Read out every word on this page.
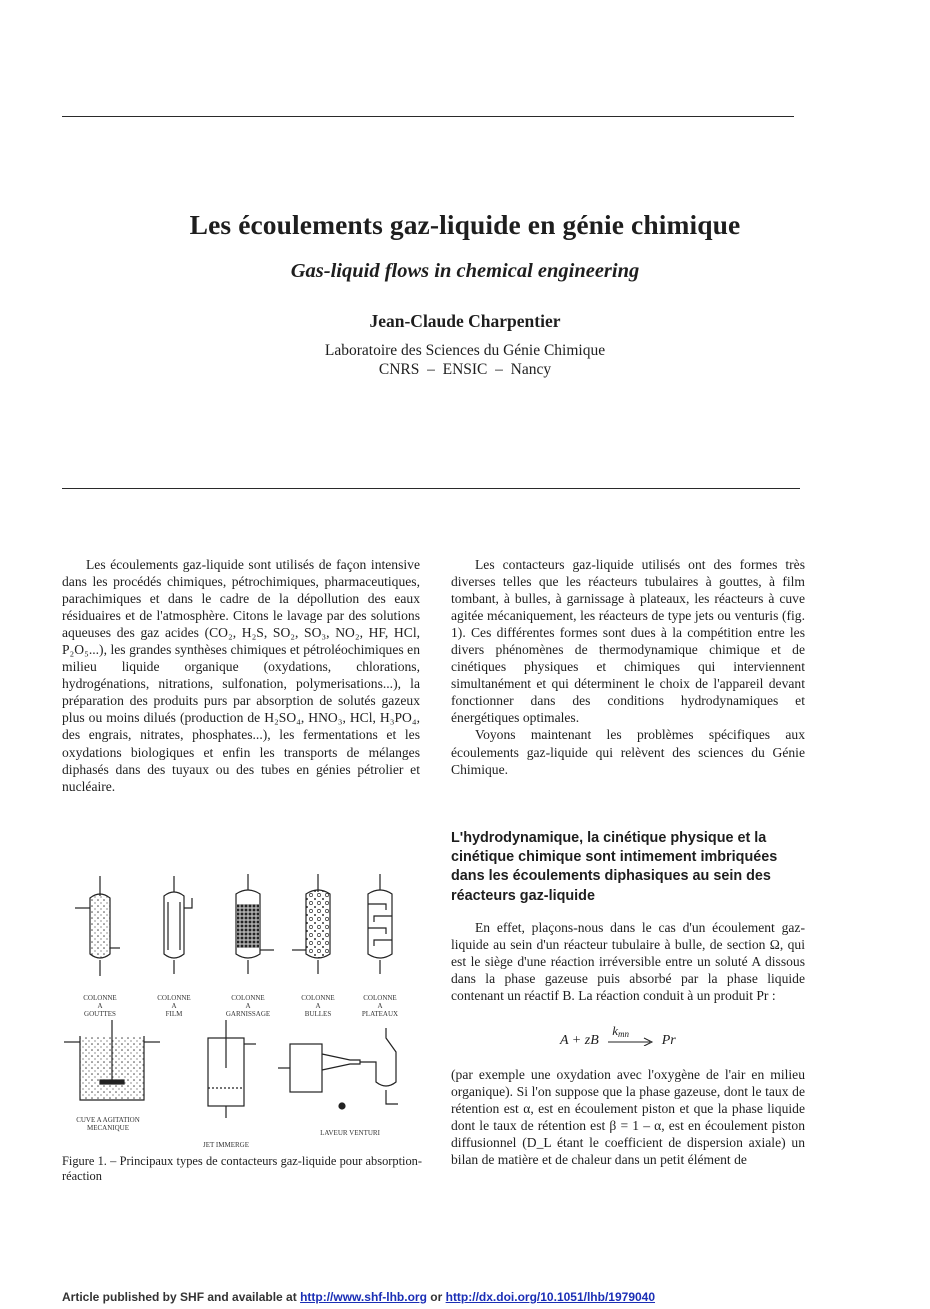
Les écoulements gaz-liquide en génie chimique
Gas-liquid flows in chemical engineering
Jean-Claude Charpentier
Laboratoire des Sciences du Génie Chimique
CNRS  –  ENSIC  –  Nancy

Les écoulements gaz-liquide sont utilisés de façon intensive dans les procédés chimiques, pétrochimiques, pharmaceutiques, parachimiques et dans le cadre de la dépollution des eaux résiduaires et de l'atmosphère. Citons le lavage par des solutions aqueuses des gaz acides (CO₂, H₂S, SO₂, SO₃, NO₂, HF, HCl, P₂O₅...), les grandes synthèses chimiques et pétroléochimiques en milieu liquide organique (oxydations, chlorations, hydrogénations, nitrations, sulfonation, polymerisations...), la préparation des produits purs par absorption de solutés gazeux plus ou moins dilués (production de H₂SO₄, HNO₃, HCl, H₃PO₄, des engrais, nitrates, phosphates...), les fermentations et les oxydations biologiques et enfin les transports de mélanges diphasés dans des tuyaux ou des tubes en génies pétrolier et nucléaire.

Les contacteurs gaz-liquide utilisés ont des formes très diverses telles que les réacteurs tubulaires à gouttes, à film tombant, à bulles, à garnissage à plateaux, les réacteurs à cuve agitée mécaniquement, les réacteurs de type jets ou venturis (fig. 1). Ces différentes formes sont dues à la compétition entre les divers phénomènes de thermodynamique chimique et de cinétiques physiques et chimiques qui interviennent simultanément et qui déterminent le choix de l'appareil devant fonctionner dans des conditions hydrodynamiques et énergétiques optimales.

Voyons maintenant les problèmes spécifiques aux écoulements gaz-liquide qui relèvent des sciences du Génie Chimique.

L'hydrodynamique, la cinétique physique et la cinétique chimique sont intimement imbriquées dans les écoulements diphasiques au sein des réacteurs gaz-liquide

En effet, plaçons-nous dans le cas d'un écoulement gaz-liquide au sein d'un réacteur tubulaire à bulle, de section Ω, qui est le siège d'une réaction irréversible entre un soluté A dissous dans la phase gazeuse puis absorbé par la phase liquide contenant un réactif B. La réaction conduit à un produit Pr :

A + zB
$k_{mn}$ Pr

(par exemple une oxydation avec l'oxygène de l'air en milieu organique). Si l'on suppose que la phase gazeuse, dont le taux de rétention est α, est en écoulement piston et que la phase liquide dont le taux de rétention est β = 1 – α, est en écoulement piston diffusionnel (D_L étant le coefficient de dispersion axiale) un bilan de matière et de chaleur dans un petit élément de

COLONNE
A
GOUTTES
COLONNE
A
FILM
COLONNE
A
GARNISSAGE
COLONNE
A
BULLES
COLONNE
A
PLATEAUX
CUVE A AGITATION
MECANIQUE
JET IMMERGE
LAVEUR VENTURI
Figure 1. – Principaux types de contacteurs gaz-liquide pour absorption-réaction
Article published by SHF and available at http://www.shf-lhb.org or http://dx.doi.org/10.1051/lhb/1979040
